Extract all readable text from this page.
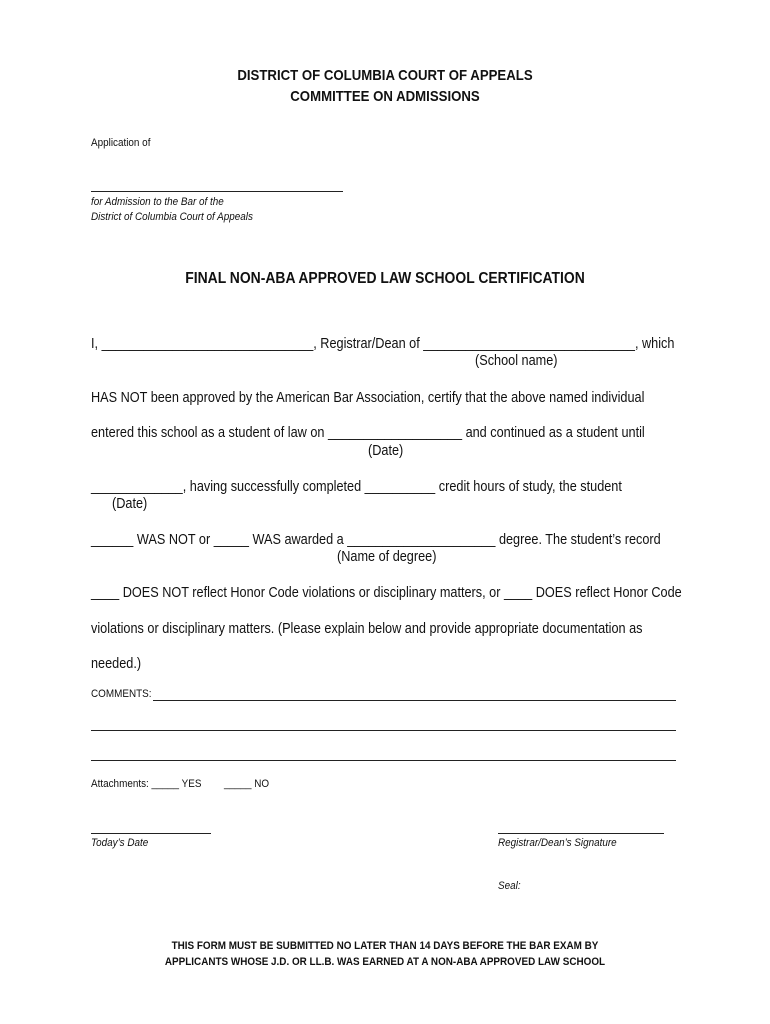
DISTRICT OF COLUMBIA COURT OF APPEALS
COMMITTEE ON ADMISSIONS
Application of
for Admission to the Bar of the
District of Columbia Court of Appeals
FINAL NON-ABA APPROVED LAW SCHOOL CERTIFICATION
I, ______________________________, Registrar/Dean of ______________________________, which
(School name)
HAS NOT been approved by the American Bar Association, certify that the above named individual
entered this school as a student of law on ___________________ and continued as a student until
(Date)
_____________, having successfully completed __________ credit hours of study, the student
(Date)
______ WAS NOT or _____ WAS awarded a _____________________ degree. The student’s record
(Name of degree)
____ DOES NOT reflect Honor Code violations or disciplinary matters, or ____ DOES reflect Honor Code
violations or disciplinary matters. (Please explain below and provide appropriate documentation as
needed.)
COMMENTS:
Attachments: _____ YES _____ NO
Today’s Date	Registrar/Dean’s Signature
Seal:
THIS FORM MUST BE SUBMITTED NO LATER THAN 14 DAYS BEFORE THE BAR EXAM BY
APPLICANTS WHOSE J.D. OR LL.B. WAS EARNED AT A NON-ABA APPROVED LAW SCHOOL
